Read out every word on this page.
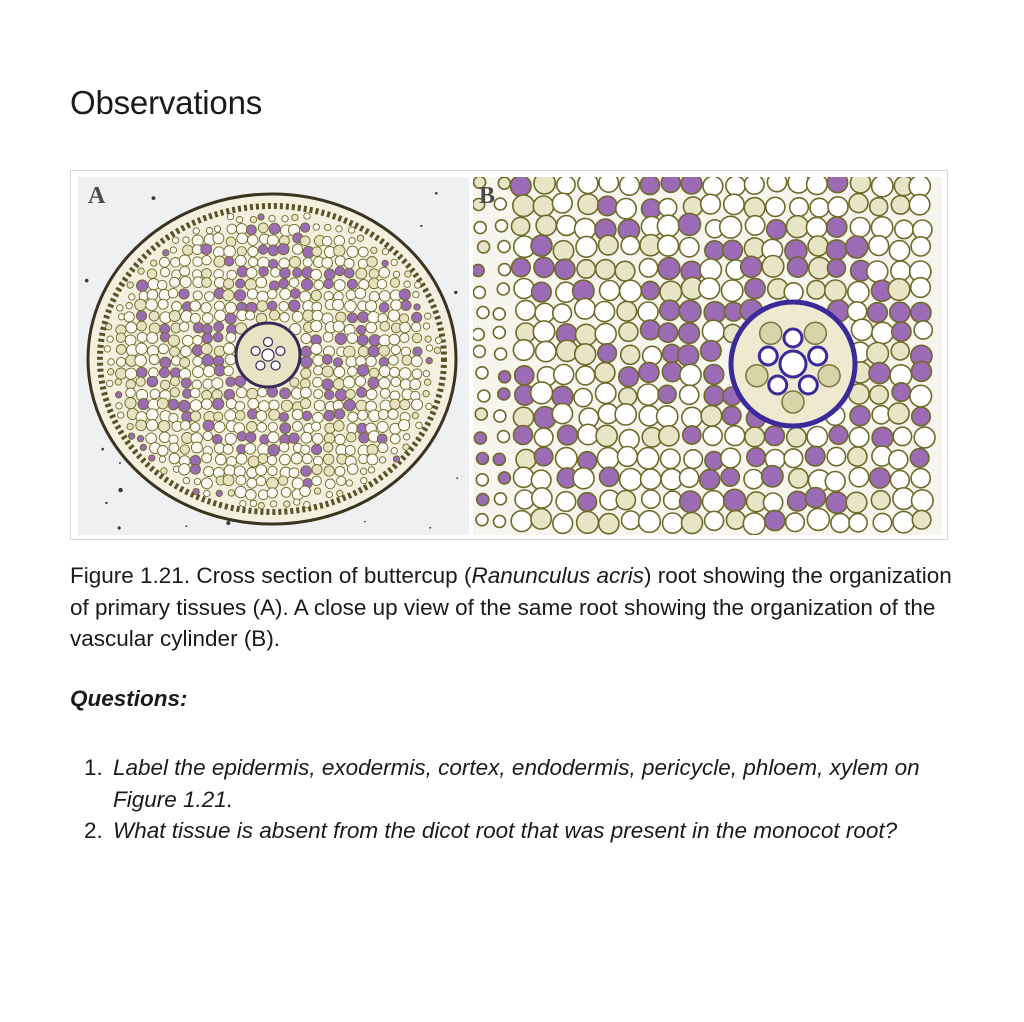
Observations
A	B

Figure 1.21. Cross section of buttercup (Ranunculus acris) root showing the organization of primary tissues (A). A close up view of the same root showing the organization of the vascular cylinder (B).

Questions:
1. Label the epidermis, exodermis, cortex, endodermis, pericycle, phloem, xylem on Figure 1.21.
2. What tissue is absent from the dicot root that was present in the monocot root?
